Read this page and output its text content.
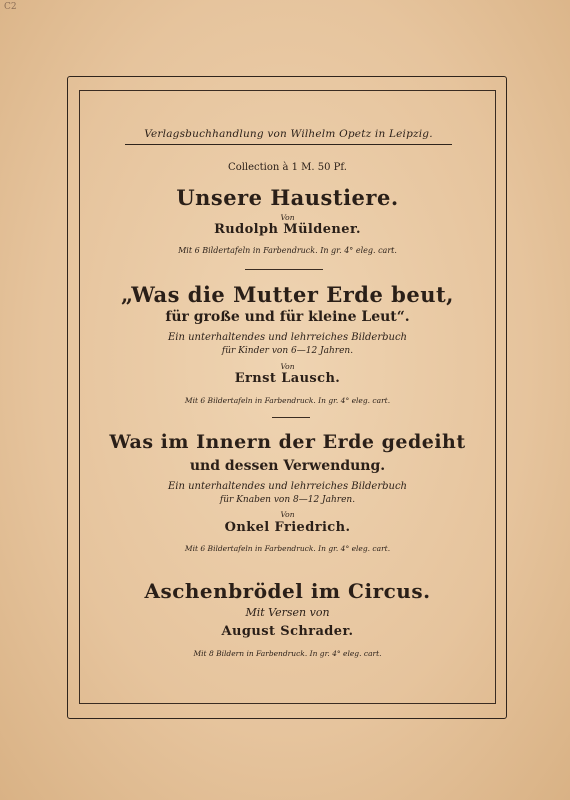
C2
Verlagsbuchhandlung von Wilhelm Opetz in Leipzig.
Collection à 1 M. 50 Pf.
Unsere Haustiere.
Von
Rudolph Müldener.
Mit 6 Bildertafeln in Farbendruck. In gr. 4° eleg. cart.
„Was die Mutter Erde beut,
für große und für kleine Leut“.
Ein unterhaltendes und lehrreiches Bilderbuch
für Kinder von 6—12 Jahren.
Von
Ernst Lausch.
Mit 6 Bildertafeln in Farbendruck. In gr. 4° eleg. cart.
Was im Innern der Erde gedeiht
und dessen Verwendung.
Ein unterhaltendes und lehrreiches Bilderbuch
für Knaben von 8—12 Jahren.
Von
Onkel Friedrich.
Mit 6 Bildertafeln in Farbendruck. In gr. 4° eleg. cart.
Aschenbrödel im Circus.
Mit Versen von
August Schrader.
Mit 8 Bildern in Farbendruck. In gr. 4° eleg. cart.
